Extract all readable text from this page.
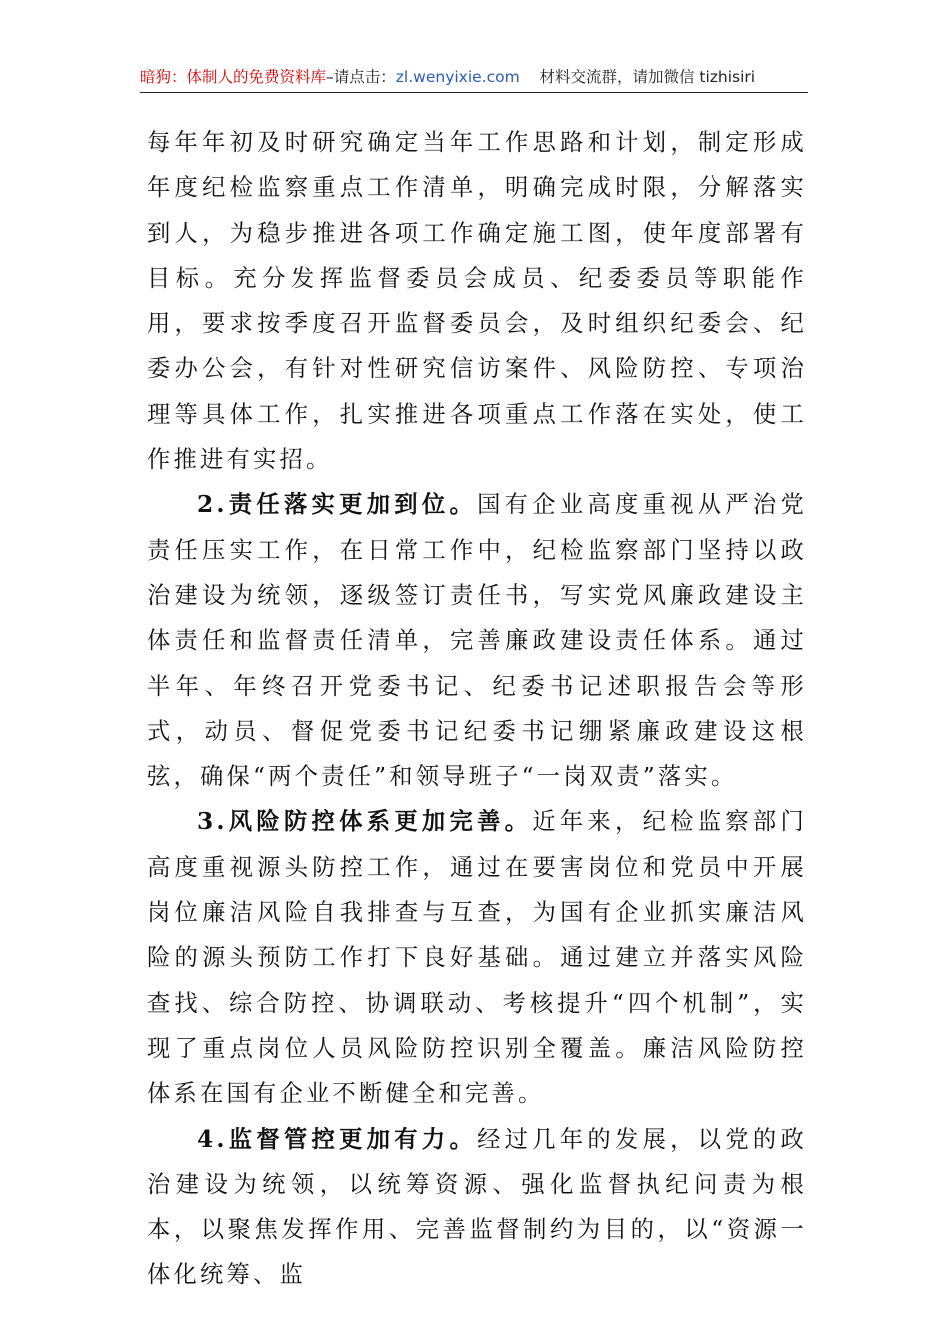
暗狗：体制人的免费资料库–请点击：zl.wenyixie.com 材料交流群，请加微信 tizhisiri

每年年初及时研究确定当年工作思路和计划，制定形成年度纪检监察重点工作清单，明确完成时限，分解落实到人，为稳步推进各项工作确定施工图，使年度部署有目标。充分发挥监督委员会成员、纪委委员等职能作用，要求按季度召开监督委员会，及时组织纪委会、纪委办公会，有针对性研究信访案件、风险防控、专项治理等具体工作，扎实推进各项重点工作落在实处，使工作推进有实招。

2.责任落实更加到位。国有企业高度重视从严治党责任压实工作，在日常工作中，纪检监察部门坚持以政治建设为统领，逐级签订责任书，写实党风廉政建设主体责任和监督责任清单，完善廉政建设责任体系。通过半年、年终召开党委书记、纪委书记述职报告会等形式，动员、督促党委书记纪委书记绷紧廉政建设这根弦，确保“两个责任”和领导班子“一岗双责”落实。

3.风险防控体系更加完善。近年来，纪检监察部门高度重视源头防控工作，通过在要害岗位和党员中开展岗位廉洁风险自我排查与互查，为国有企业抓实廉洁风险的源头预防工作打下良好基础。通过建立并落实风险查找、综合防控、协调联动、考核提升“四个机制”，实现了重点岗位人员风险防控识别全覆盖。廉洁风险防控体系在国有企业不断健全和完善。

4.监督管控更加有力。经过几年的发展，以党的政治建设为统领，以统筹资源、强化监督执纪问责为根本，以聚焦发挥作用、完善监督制约为目的，以“资源一体化统筹、监
